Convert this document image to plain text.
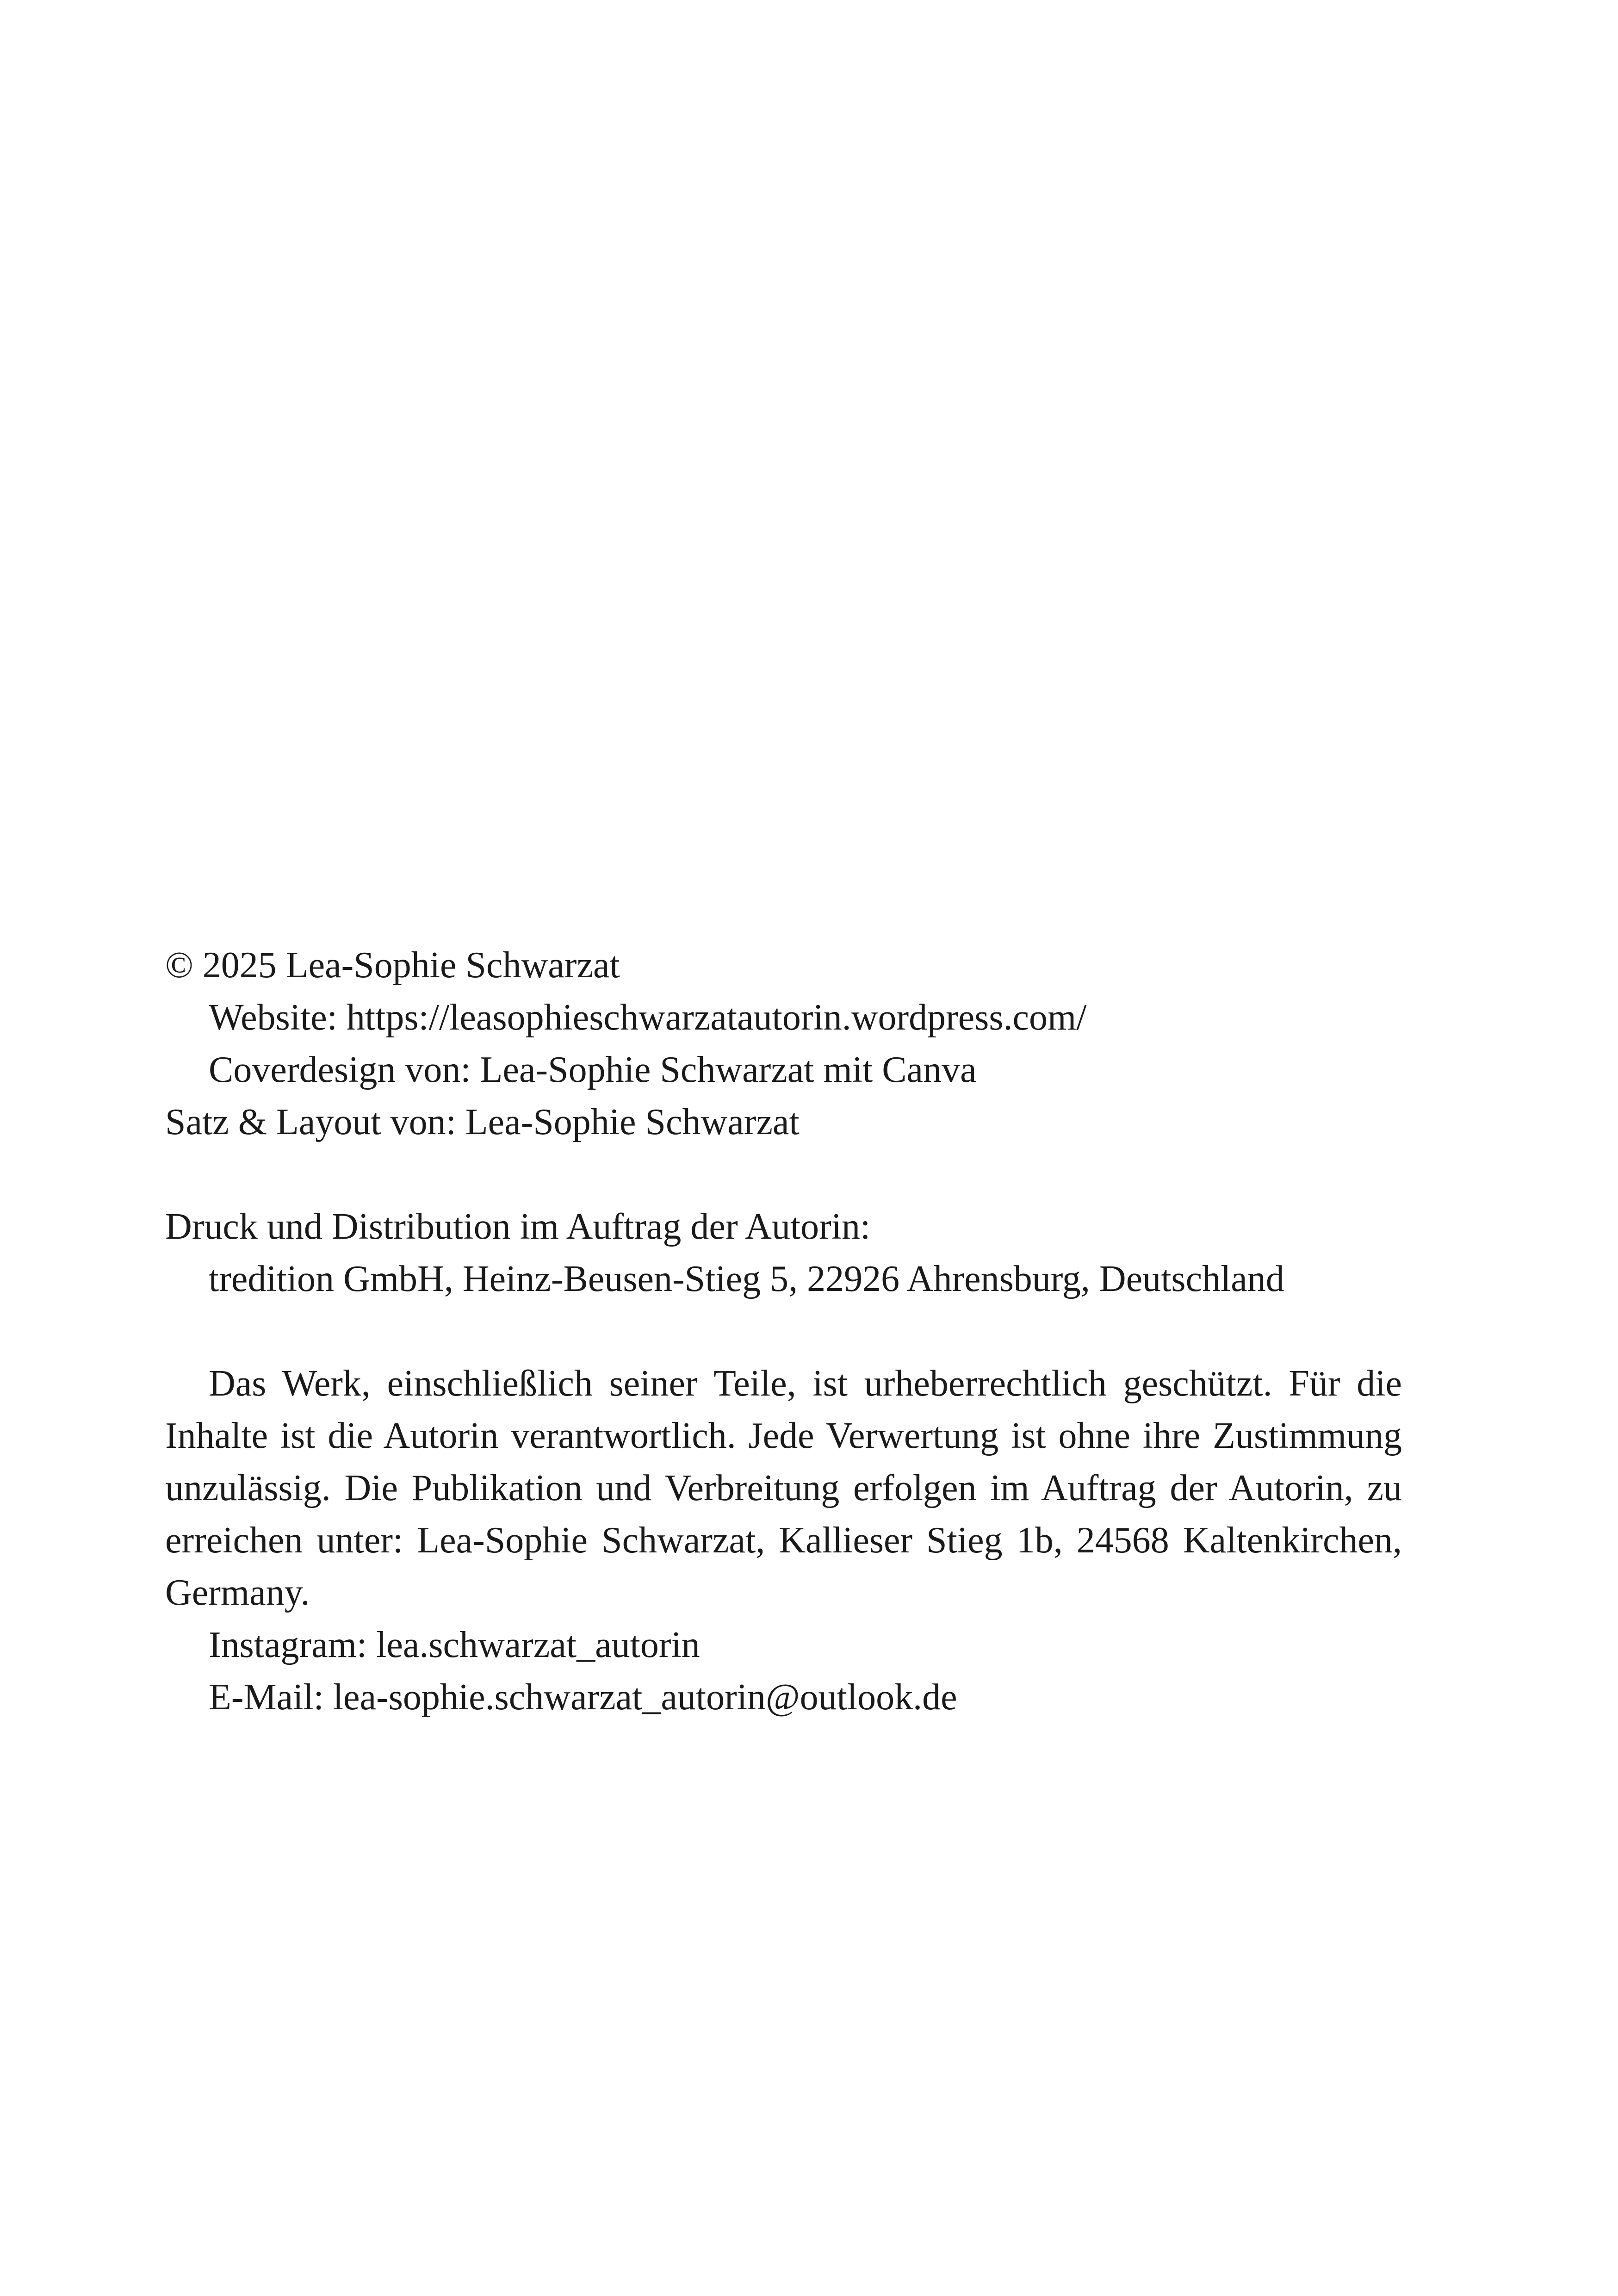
© 2025 Lea-Sophie Schwarzat
Website: https://leasophieschwarzatautorin.wordpress.com/
Coverdesign von: Lea-Sophie Schwarzat mit Canva
Satz & Layout von: Lea-Sophie Schwarzat
Druck und Distribution im Auftrag der Autorin:
tredition GmbH, Heinz-Beusen-Stieg 5, 22926 Ahrensburg, Deutschland
Das Werk, einschließlich seiner Teile, ist urheberrechtlich geschützt. Für die Inhalte ist die Autorin verantwortlich. Jede Verwertung ist ohne ihre Zustimmung unzulässig. Die Publikation und Verbreitung erfolgen im Auftrag der Autorin, zu erreichen unter: Lea-Sophie Schwarzat, Kallieser Stieg 1b, 24568 Kaltenkirchen, Germany.
Instagram: lea.schwarzat_autorin
E-Mail: lea-sophie.schwarzat_autorin@outlook.de
